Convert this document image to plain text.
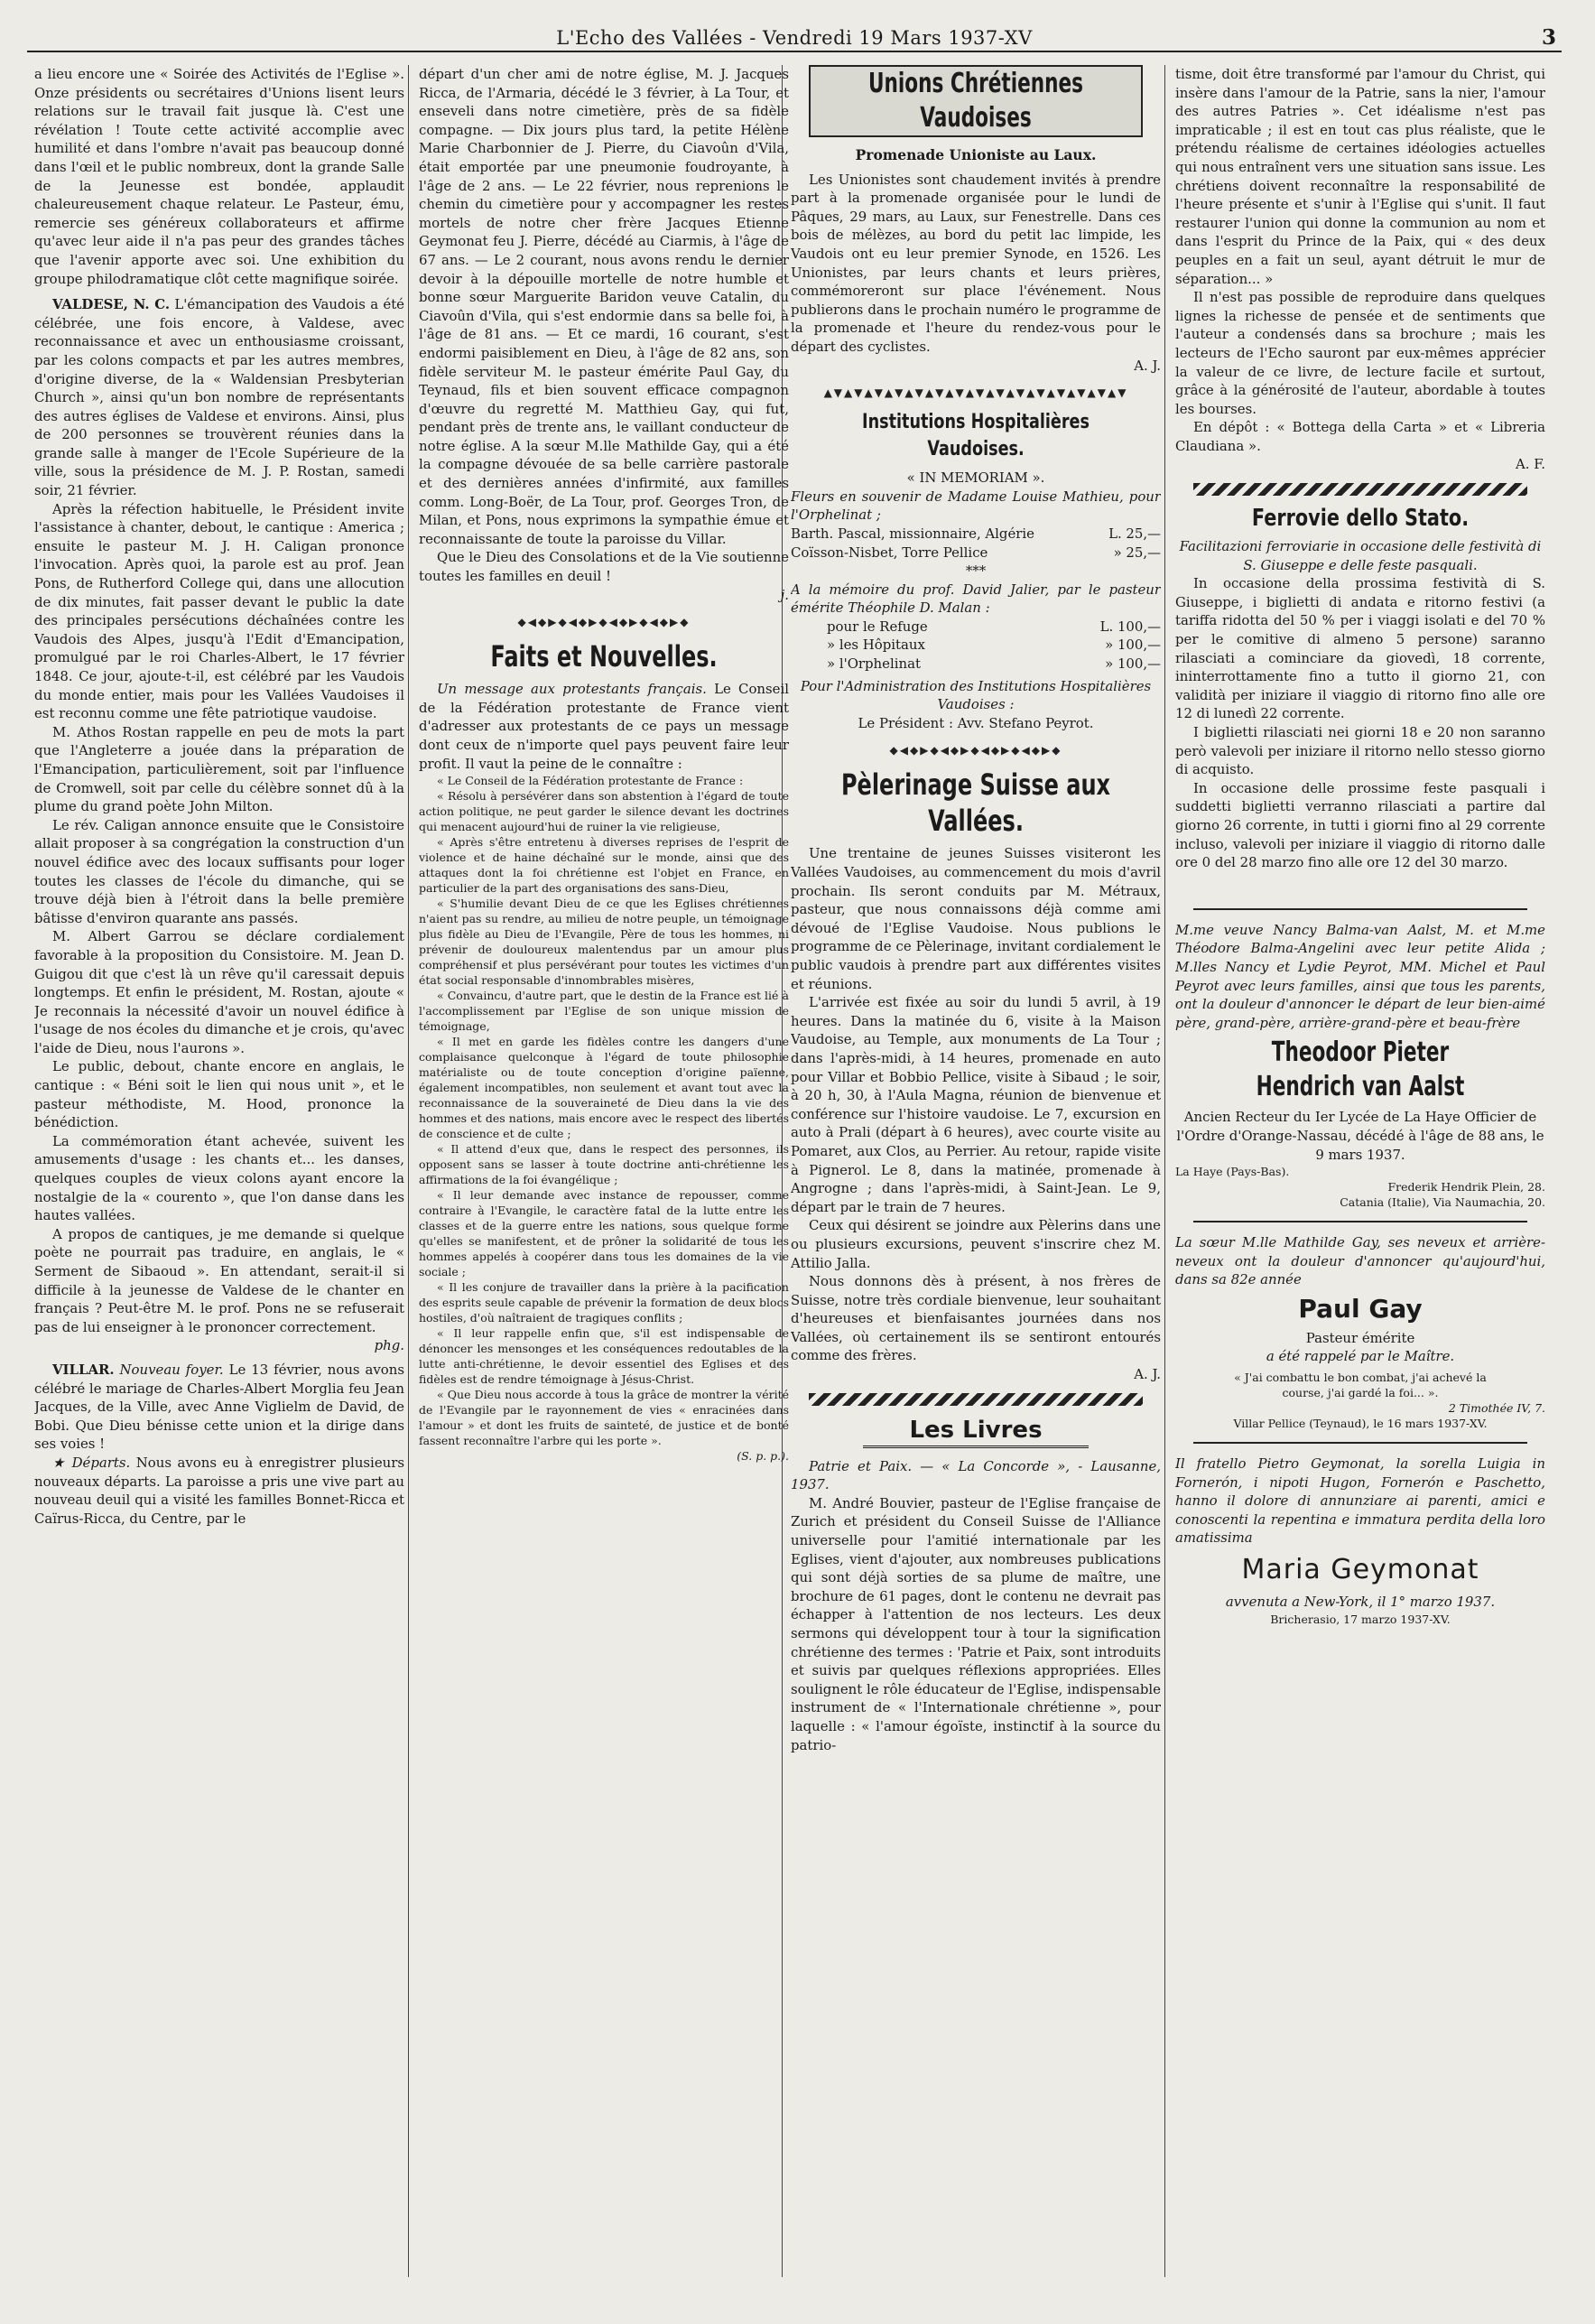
L'Echo des Vallées - Vendredi 19 Mars 1937-XV	3

a lieu encore une « Soirée des Activités de l'Eglise ». Onze présidents ou secrétaires d'Unions lisent leurs relations sur le travail fait jusque là. C'est une révélation ! Toute cette activité accomplie avec humilité et dans l'ombre n'avait pas beaucoup donné dans l'œil et le public nombreux, dont la grande Salle de la Jeunesse est bondée, applaudit chaleureusement chaque relateur. Le Pasteur, ému, remercie ses généreux collaborateurs et affirme qu'avec leur aide il n'a pas peur des grandes tâches que l'avenir apporte avec soi. Une exhibition du groupe philodramatique clôt cette magnifique soirée.

VALDESE, N. C. L'émancipation des Vaudois a été célébrée, une fois encore, à Valdese, avec reconnaissance et avec un enthousiasme croissant, par les colons compacts et par les autres membres, d'origine diverse, de la « Waldensian Presbyterian Church », ainsi qu'un bon nombre de représentants des autres églises de Valdese et environs. Ainsi, plus de 200 personnes se trouvèrent réunies dans la grande salle à manger de l'Ecole Supérieure de la ville, sous la présidence de M. J. P. Rostan, samedi soir, 21 février.

Après la réfection habituelle, le Président invite l'assistance à chanter, debout, le cantique : America ; ensuite le pasteur M. J. H. Caligan prononce l'invocation. Après quoi, la parole est au prof. Jean Pons, de Rutherford College qui, dans une allocution de dix minutes, fait passer devant le public la date des principales persécutions déchaînées contre les Vaudois des Alpes, jusqu'à l'Edit d'Emancipation, promulgué par le roi Charles-Albert, le 17 février 1848. Ce jour, ajoute-t-il, est célébré par les Vaudois du monde entier, mais pour les Vallées Vaudoises il est reconnu comme une fête patriotique vaudoise.

M. Athos Rostan rappelle en peu de mots la part que l'Angleterre a jouée dans la préparation de l'Emancipation, particulièrement, soit par l'influence de Cromwell, soit par celle du célèbre sonnet dû à la plume du grand poète John Milton.

Le rév. Caligan annonce ensuite que le Consistoire allait proposer à sa congrégation la construction d'un nouvel édifice avec des locaux suffisants pour loger toutes les classes de l'école du dimanche, qui se trouve déjà bien à l'étroit dans la belle première bâtisse d'environ quarante ans passés.

M. Albert Garrou se déclare cordialement favorable à la proposition du Consistoire. M. Jean D. Guigou dit que c'est là un rêve qu'il caressait depuis longtemps. Et enfin le président, M. Rostan, ajoute « Je reconnais la nécessité d'avoir un nouvel édifice à l'usage de nos écoles du dimanche et je crois, qu'avec l'aide de Dieu, nous l'aurons ».

Le public, debout, chante encore en anglais, le cantique : « Béni soit le lien qui nous unit », et le pasteur méthodiste, M. Hood, prononce la bénédiction.

La commémoration étant achevée, suivent les amusements d'usage : les chants et... les danses, quelques couples de vieux colons ayant encore la nostalgie de la « courento », que l'on danse dans les hautes vallées.

A propos de cantiques, je me demande si quelque poète ne pourrait pas traduire, en anglais, le « Serment de Sibaoud ». En attendant, serait-il si difficile à la jeunesse de Valdese de le chanter en français ? Peut-être M. le prof. Pons ne se refuserait pas de lui enseigner à le prononcer correctement.

phg.

VILLAR. Nouveau foyer. Le 13 février, nous avons célébré le mariage de Charles-Albert Morglia feu Jean Jacques, de la Ville, avec Anne Viglielm de David, de Bobi. Que Dieu bénisse cette union et la dirige dans ses voies !

★ Départs. Nous avons eu à enregistrer plusieurs nouveaux départs. La paroisse a pris une vive part au nouveau deuil qui a visité les familles Bonnet-Ricca et Caïrus-Ricca, du Centre, par le

départ d'un cher ami de notre église, M. J. Jacques Ricca, de l'Armaria, décédé le 3 février, à La Tour, et enseveli dans notre cimetière, près de sa fidèle compagne. — Dix jours plus tard, la petite Hélène Marie Charbonnier de J. Pierre, du Ciavoûn d'Vila, était emportée par une pneumonie foudroyante, à l'âge de 2 ans. — Le 22 février, nous reprenions le chemin du cimetière pour y accompagner les restes mortels de notre cher frère Jacques Etienne Geymonat feu J. Pierre, décédé au Ciarmis, à l'âge de 67 ans. — Le 2 courant, nous avons rendu le dernier devoir à la dépouille mortelle de notre humble et bonne sœur Marguerite Baridon veuve Catalin, du Ciavoûn d'Vila, qui s'est endormie dans sa belle foi, à l'âge de 81 ans. — Et ce mardi, 16 courant, s'est endormi paisiblement en Dieu, à l'âge de 82 ans, son fidèle serviteur M. le pasteur émérite Paul Gay, du Teynaud, fils et bien souvent efficace compagnon d'œuvre du regretté M. Matthieu Gay, qui fut, pendant près de trente ans, le vaillant conducteur de notre église. A la sœur M.lle Mathilde Gay, qui a été la compagne dévouée de sa belle carrière pastorale et des dernières années d'infirmité, aux familles comm. Long-Boër, de La Tour, prof. Georges Tron, de Milan, et Pons, nous exprimons la sympathie émue et reconnaissante de toute la paroisse du Villar.

Que le Dieu des Consolations et de la Vie soutienne toutes les familles en deuil !

j.

◆◀◆▶◆◀◆▶◆◀◆▶◆◀◆▶◆
Faits et Nouvelles.

Un message aux protestants français. Le Conseil de la Fédération protestante de France vient d'adresser aux protestants de ce pays un message dont ceux de n'importe quel pays peuvent faire leur profit. Il vaut la peine de le connaître :

« Le Conseil de la Fédération protestante de France :

« Résolu à persévérer dans son abstention à l'égard de toute action politique, ne peut garder le silence devant les doctrines qui menacent aujourd'hui de ruiner la vie religieuse,

« Après s'être entretenu à diverses reprises de l'esprit de violence et de haine déchaîné sur le monde, ainsi que des attaques dont la foi chrétienne est l'objet en France, en particulier de la part des organisations des sans-Dieu,

« S'humilie devant Dieu de ce que les Eglises chrétiennes n'aient pas su rendre, au milieu de notre peuple, un témoignage plus fidèle au Dieu de l'Evangile, Père de tous les hommes, ni prévenir de douloureux malentendus par un amour plus compréhensif et plus persévérant pour toutes les victimes d'un état social responsable d'innombrables misères,

« Convaincu, d'autre part, que le destin de la France est lié à l'accomplissement par l'Eglise de son unique mission de témoignage,

« Il met en garde les fidèles contre les dangers d'une complaisance quelconque à l'égard de toute philosophie matérialiste ou de toute conception d'origine païenne, également incompatibles, non seulement et avant tout avec la reconnaissance de la souveraineté de Dieu dans la vie des hommes et des nations, mais encore avec le respect des libertés de conscience et de culte ;

« Il attend d'eux que, dans le respect des personnes, ils opposent sans se lasser à toute doctrine anti-chrétienne les affirmations de la foi évangélique ;

« Il leur demande avec instance de repousser, comme contraire à l'Evangile, le caractère fatal de la lutte entre les classes et de la guerre entre les nations, sous quelque forme qu'elles se manifestent, et de prôner la solidarité de tous les hommes appelés à coopérer dans tous les domaines de la vie sociale ;

« Il les conjure de travailler dans la prière à la pacification des esprits seule capable de prévenir la formation de deux blocs hostiles, d'où naîtraient de tragiques conflits ;

« Il leur rappelle enfin que, s'il est indispensable de dénoncer les mensonges et les conséquences redoutables de la lutte anti-chrétienne, le devoir essentiel des Eglises et des fidèles est de rendre témoignage à Jésus-Christ.

« Que Dieu nous accorde à tous la grâce de montrer la vérité de l'Evangile par le rayonnement de vies « enracinées dans l'amour » et dont les fruits de sainteté, de justice et de bonté fassent reconnaître l'arbre qui les porte ».

(S. p. p.).

Unions Chrétiennes Vaudoises
Promenade Unioniste au Laux.

Les Unionistes sont chaudement invités à prendre part à la promenade organisée pour le lundi de Pâques, 29 mars, au Laux, sur Fenestrelle. Dans ces bois de mélèzes, au bord du petit lac limpide, les Vaudois ont eu leur premier Synode, en 1526. Les Unionistes, par leurs chants et leurs prières, commémoreront sur place l'événement. Nous publierons dans le prochain numéro le programme de la promenade et l'heure du rendez-vous pour le départ des cyclistes.

A. J.

▲▼▲▼▲▼▲▼▲▼▲▼▲▼▲▼▲▼▲▼▲▼▲▼▲▼▲▼▲▼
Institutions Hospitalières Vaudoises.

« IN MEMORIAM ».

Fleurs en souvenir de Madame Louise Mathieu, pour l'Orphelinat ;

Barth. Pascal, missionnaire, Algérie	L. 25,—
Coïsson-Nisbet, Torre Pellice	» 25,—

***

A la mémoire du prof. David Jalier, par le pasteur émérite Théophile D. Malan :

pour le Refuge	L. 100,—
» les Hôpitaux	» 100,—
» l'Orphelinat	» 100,—

Pour l'Administration des Institutions Hospitalières Vaudoises :

Le Président : Avv. Stefano Peyrot.

◆◀◆▶◆◀◆▶◆◀◆▶◆◀◆▶◆
Pèlerinage Suisse aux Vallées.

Une trentaine de jeunes Suisses visiteront les Vallées Vaudoises, au commencement du mois d'avril prochain. Ils seront conduits par M. Métraux, pasteur, que nous connaissons déjà comme ami dévoué de l'Eglise Vaudoise. Nous publions le programme de ce Pèlerinage, invitant cordialement le public vaudois à prendre part aux différentes visites et réunions.

L'arrivée est fixée au soir du lundi 5 avril, à 19 heures. Dans la matinée du 6, visite à la Maison Vaudoise, au Temple, aux monuments de La Tour ; dans l'après-midi, à 14 heures, promenade en auto pour Villar et Bobbio Pellice, visite à Sibaud ; le soir, à 20 h, 30, à l'Aula Magna, réunion de bienvenue et conférence sur l'histoire vaudoise. Le 7, excursion en auto à Prali (départ à 6 heures), avec courte visite au Pomaret, aux Clos, au Perrier. Au retour, rapide visite à Pignerol. Le 8, dans la matinée, promenade à Angrogne ; dans l'après-midi, à Saint-Jean. Le 9, départ par le train de 7 heures.

Ceux qui désirent se joindre aux Pèlerins dans une ou plusieurs excursions, peuvent s'inscrire chez M. Attilio Jalla.

Nous donnons dès à présent, à nos frères de Suisse, notre très cordiale bienvenue, leur souhaitant d'heureuses et bienfaisantes journées dans nos Vallées, où certainement ils se sentiront entourés comme des frères.

A. J.

Les Livres

Patrie et Paix. — « La Concorde », - Lausanne, 1937.

M. André Bouvier, pasteur de l'Eglise française de Zurich et président du Conseil Suisse de l'Alliance universelle pour l'amitié internationale par les Eglises, vient d'ajouter, aux nombreuses publications qui sont déjà sorties de sa plume de maître, une brochure de 61 pages, dont le contenu ne devrait pas échapper à l'attention de nos lecteurs. Les deux sermons qui développent tour à tour la signification chrétienne des termes : 'Patrie et Paix, sont introduits et suivis par quelques réflexions appropriées. Elles soulignent le rôle éducateur de l'Eglise, indispensable instrument de « l'Internationale chrétienne », pour laquelle : « l'amour égoïste, instinctif à la source du patrio-

tisme, doit être transformé par l'amour du Christ, qui insère dans l'amour de la Patrie, sans la nier, l'amour des autres Patries ». Cet idéalisme n'est pas impraticable ; il est en tout cas plus réaliste, que le prétendu réalisme de certaines idéologies actuelles qui nous entraînent vers une situation sans issue. Les chrétiens doivent reconnaître la responsabilité de l'heure présente et s'unir à l'Eglise qui s'unit. Il faut restaurer l'union qui donne la communion au nom et dans l'esprit du Prince de la Paix, qui « des deux peuples en a fait un seul, ayant détruit le mur de séparation... »

Il n'est pas possible de reproduire dans quelques lignes la richesse de pensée et de sentiments que l'auteur a condensés dans sa brochure ; mais les lecteurs de l'Echo sauront par eux-mêmes apprécier la valeur de ce livre, de lecture facile et surtout, grâce à la générosité de l'auteur, abordable à toutes les bourses.

En dépôt : « Bottega della Carta » et « Libreria Claudiana ».

A. F.

Ferrovie dello Stato.

Facilitazioni ferroviarie in occasione delle festività di S. Giuseppe e delle feste pasquali.

In occasione della prossima festività di S. Giuseppe, i biglietti di andata e ritorno festivi (a tariffa ridotta del 50 % per i viaggi isolati e del 70 % per le comitive di almeno 5 persone) saranno rilasciati a cominciare da giovedì, 18 corrente, ininterrottamente fino a tutto il giorno 21, con validità per iniziare il viaggio di ritorno fino alle ore 12 di lunedì 22 corrente.

I biglietti rilasciati nei giorni 18 e 20 non saranno però valevoli per iniziare il ritorno nello stesso giorno di acquisto.

In occasione delle prossime feste pasquali i suddetti biglietti verranno rilasciati a partire dal giorno 26 corrente, in tutti i giorni fino al 29 corrente incluso, valevoli per iniziare il viaggio di ritorno dalle ore 0 del 28 marzo fino alle ore 12 del 30 marzo.

M.me veuve Nancy Balma-van Aalst, M. et M.me Théodore Balma-Angelini avec leur petite Alida ; M.lles Nancy et Lydie Peyrot, MM. Michel et Paul Peyrot avec leurs familles, ainsi que tous les parents, ont la douleur d'annoncer le départ de leur bien-aimé père, grand-père, arrière-grand-père et beau-frère

Theodoor Pieter Hendrich van Aalst

Ancien Recteur du Ier Lycée de La Haye Officier de l'Ordre d'Orange-Nassau, décédé à l'âge de 88 ans, le 9 mars 1937.

La Haye (Pays-Bas).

Frederik Hendrik Plein, 28.

Catania (Italie), Via Naumachia, 20.

La sœur M.lle Mathilde Gay, ses neveux et arrière-neveux ont la douleur d'annoncer qu'aujourd'hui, dans sa 82e année

Paul Gay

Pasteur émérite

a été rappelé par le Maître.

« J'ai combattu le bon combat, j'ai achevé la course, j'ai gardé la foi... ».

2 Timothée IV, 7.

Villar Pellice (Teynaud), le 16 mars 1937-XV.

Il fratello Pietro Geymonat, la sorella Luigia in Fornerón, i nipoti Hugon, Fornerón e Paschetto, hanno il dolore di annunziare ai parenti, amici e conoscenti la repentina e immatura perdita della loro amatissima

Maria Geymonat

avvenuta a New-York, il 1° marzo 1937.

Bricherasio, 17 marzo 1937-XV.
